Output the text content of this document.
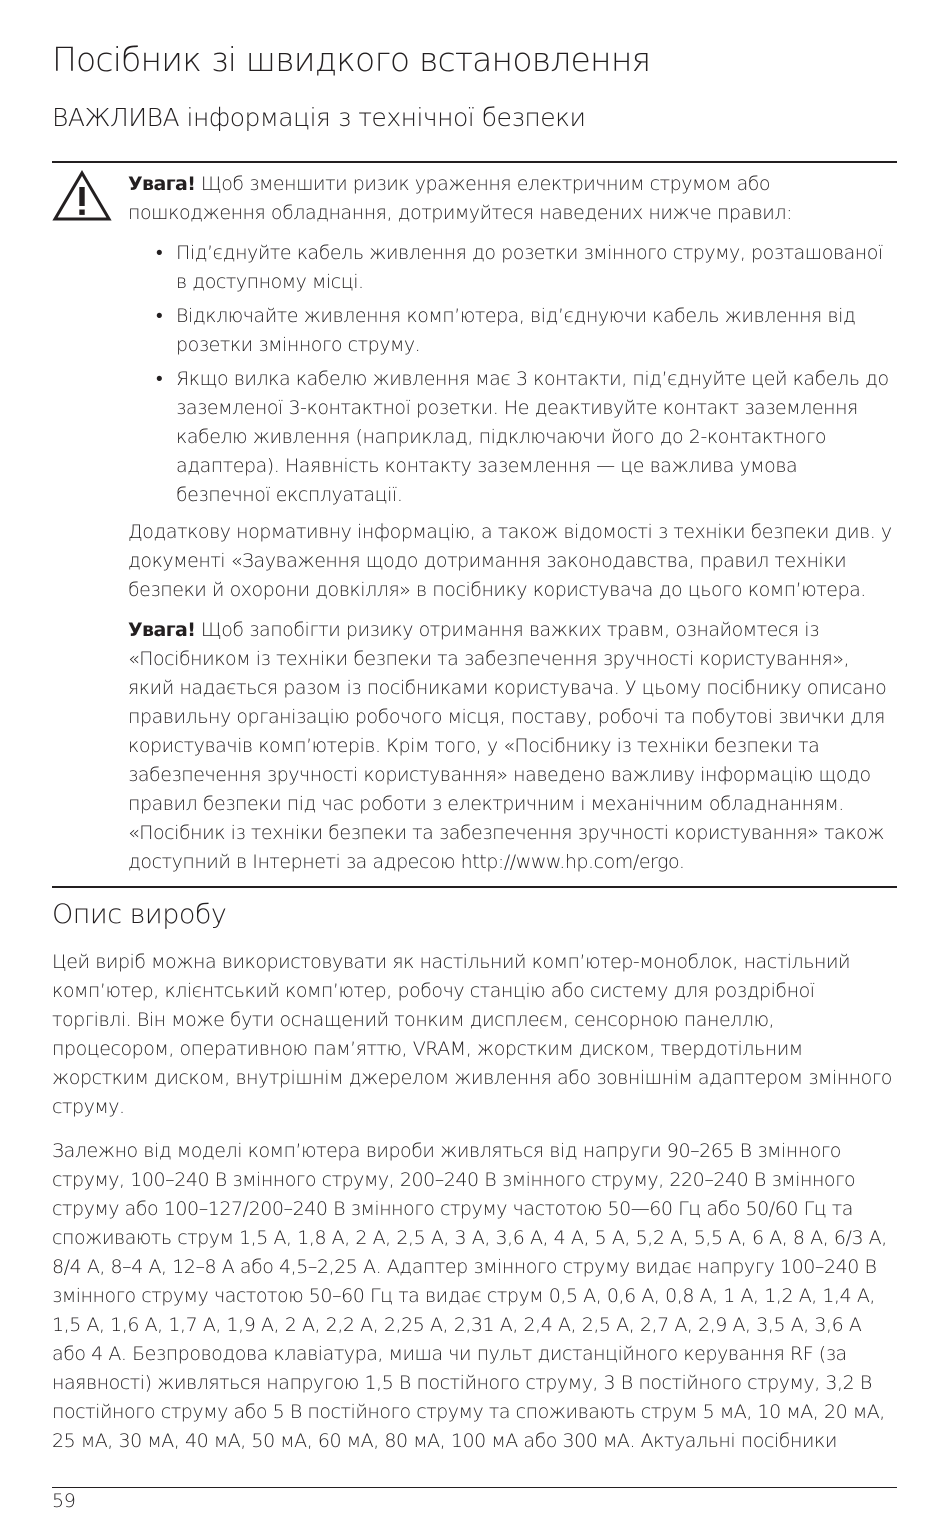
Посібник зі швидкого встановлення
ВАЖЛИВА інформація з технічної безпеки

Увага! Щоб зменшити ризик ураження електричним струмом або пошкодження обладнання, дотримуйтеся наведених нижче правил:

• Під’єднуйте кабель живлення до розетки змінного струму, розташованої в доступному місці.
• Відключайте живлення комп’ютера, від’єднуючи кабель живлення від розетки змінного струму.
• Якщо вилка кабелю живлення має 3 контакти, під’єднуйте цей кабель до заземленої 3-контактної розетки. Не деактивуйте контакт заземлення кабелю живлення (наприклад, підключаючи його до 2-контактного адаптера). Наявність контакту заземлення — це важлива умова безпечної експлуатації.

Додаткову нормативну інформацію, а також відомості з техніки безпеки див. у документі «Зауваження щодо дотримання законодавства, правил техніки безпеки й охорони довкілля» в посібнику користувача до цього комп’ютера.

Увага! Щоб запобігти ризику отримання важких травм, ознайомтеся із «Посібником із техніки безпеки та забезпечення зручності користування», який надається разом із посібниками користувача. У цьому посібнику описано правильну організацію робочого місця, поставу, робочі та побутові звички для користувачів комп’ютерів. Крім того, у «Посібнику із техніки безпеки та забезпечення зручності користування» наведено важливу інформацію щодо правил безпеки під час роботи з електричним і механічним обладнанням. «Посібник із техніки безпеки та забезпечення зручності користування» також доступний в Інтернеті за адресою http://www.hp.com/ergo.

Опис виробу

Цей виріб можна використовувати як настільний комп’ютер-моноблок, настільний комп’ютер, клієнтський комп’ютер, робочу станцію або систему для роздрібної торгівлі. Він може бути оснащений тонким дисплеєм, сенсорною панеллю, процесором, оперативною пам’яттю, VRAM, жорстким диском, твердотільним жорстким диском, внутрішнім джерелом живлення або зовнішнім адаптером змінного струму.

Залежно від моделі комп’ютера вироби живляться від напруги 90–265 В змінного струму, 100–240 В змінного струму, 200–240 В змінного струму, 220–240 В змінного струму або 100–127/200–240 В змінного струму частотою 50—60 Гц або 50/60 Гц та споживають струм 1,5 А, 1,8 А, 2 А, 2,5 А, 3 А, 3,6 А, 4 А, 5 А, 5,2 А, 5,5 А, 6 А, 8 А, 6/3 А, 8/4 А, 8–4 А, 12–8 А або 4,5–2,25 А. Адаптер змінного струму видає напругу 100–240 В змінного струму частотою 50–60 Гц та видає струм 0,5 А, 0,6 А, 0,8 А, 1 А, 1,2 А, 1,4 А, 1,5 А, 1,6 А, 1,7 А, 1,9 А, 2 А, 2,2 А, 2,25 А, 2,31 А, 2,4 А, 2,5 А, 2,7 А, 2,9 А, 3,5 А, 3,6 А або 4 А. Безпроводова клавіатура, миша чи пульт дистанційного керування RF (за наявності) живляться напругою 1,5 В постійного струму, 3 В постійного струму, 3,2 В постійного струму або 5 В постійного струму та споживають струм 5 мА, 10 мА, 20 мА, 25 мА, 30 мА, 40 мА, 50 мА, 60 мА, 80 мА, 100 мА або 300 мА. Актуальні посібники

59
